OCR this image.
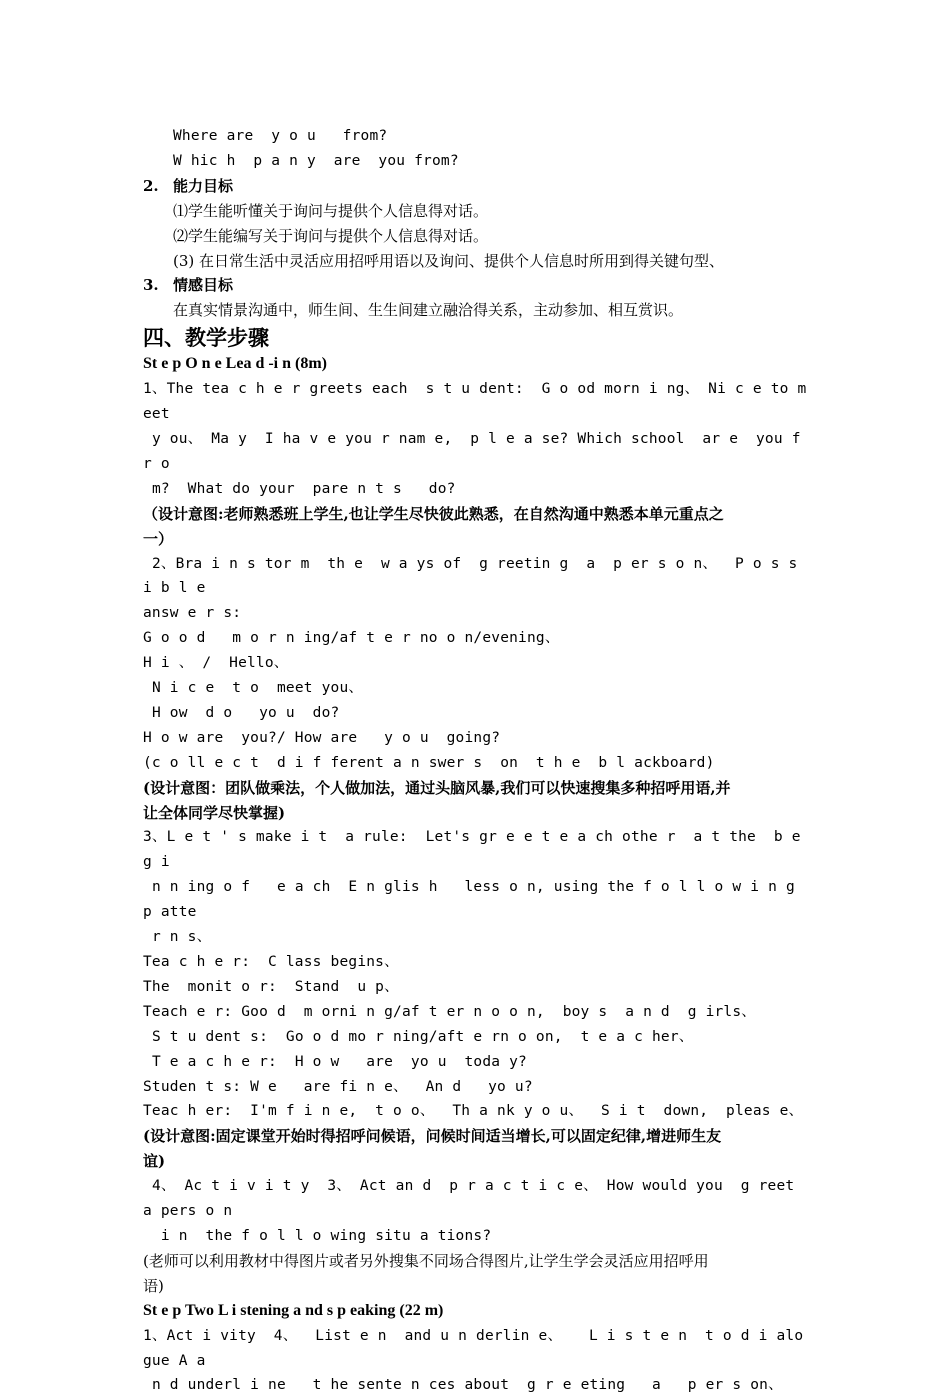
Where are  y o u   from?
W hic h  p a n y  are  you from?
2. 能力目标
⑴学生能听懂关于询问与提供个人信息得对话。
⑵学生能编写关于询问与提供个人信息得对话。
(3) 在日常生活中灵活应用招呼用语以及询问、提供个人信息时所用到得关键句型、
3. 情感目标
在真实情景沟通中，师生间、生生间建立融洽得关系，主动参加、相互赏识。
四、教学步骤
St e p O n e Lea d -i n (8m)
1、The tea c h e r greets each  s t u dent:  G o od morn i ng、 Ni c e to meet
y ou、 Ma y  I ha v e you r nam e,  p l e a se? Which school  ar e  you f r o
m?  What do your  pare n t s   do?
（设计意图:老师熟悉班上学生,也让学生尽快彼此熟悉，在自然沟通中熟悉本单元重点之
一）
2、Bra i n s tor m  th e  w a ys of  g reetin g  a  p er s o n、  P o s s i b l e
answ e r s:
G o o d   m o r n ing/af t e r no o n/evening、
H i 、 /  Hello、
N i c e  t o  meet you、
H ow  d o   yo u  do?
H o w are  you?/ How are   y o u  going?
(c o ll e c t  d i f ferent a n swer s  on  t h e  b l ackboard)
(设计意图：团队做乘法，个人做加法，通过头脑风暴,我们可以快速搜集多种招呼用语,并
让全体同学尽快掌握)
3、L e t ' s make i t  a rule:  Let's gr e e t e a ch othe r  a t the  b e g i
n n ing o f   e a ch  E n glis h   less o n, using the f o l l o w i n g   p atte
r n s、
Tea c h e r:  C lass begins、
The  monit o r:  Stand  u p、
Teach e r: Goo d  m orni n g/af t er n o o n,  boy s  a n d  g irls、
S t u dent s:  Go o d mo r ning/aft e rn o on,  t e a c her、
T e a c h e r:  H o w   are  yo u  toda y?
Studen t s: W e   are fi n e、  An d   yo u?
Teac h er:  I'm f i n e,  t o o、  Th a nk y o u、  S i t  down,  pleas e、
(设计意图:固定课堂开始时得招呼问候语，问候时间适当增长,可以固定纪律,增进师生友
谊)
4、 Ac t i v i t y  3、 Act an d  p r a c t i c e、 How would you  g reet a pers o n
i n  the f o l l o wing situ a tions?
(老师可以利用教材中得图片或者另外搜集不同场合得图片,让学生学会灵活应用招呼用
语)
St e p Two L i stening a nd s p eaking (22 m)
1、Act i vity  4、  List e n  and u n derlin e、   L i s t e n  t o d i alogue A a
n d underl i ne   t he sente n ces about  g r e eting   a   p er s on、
